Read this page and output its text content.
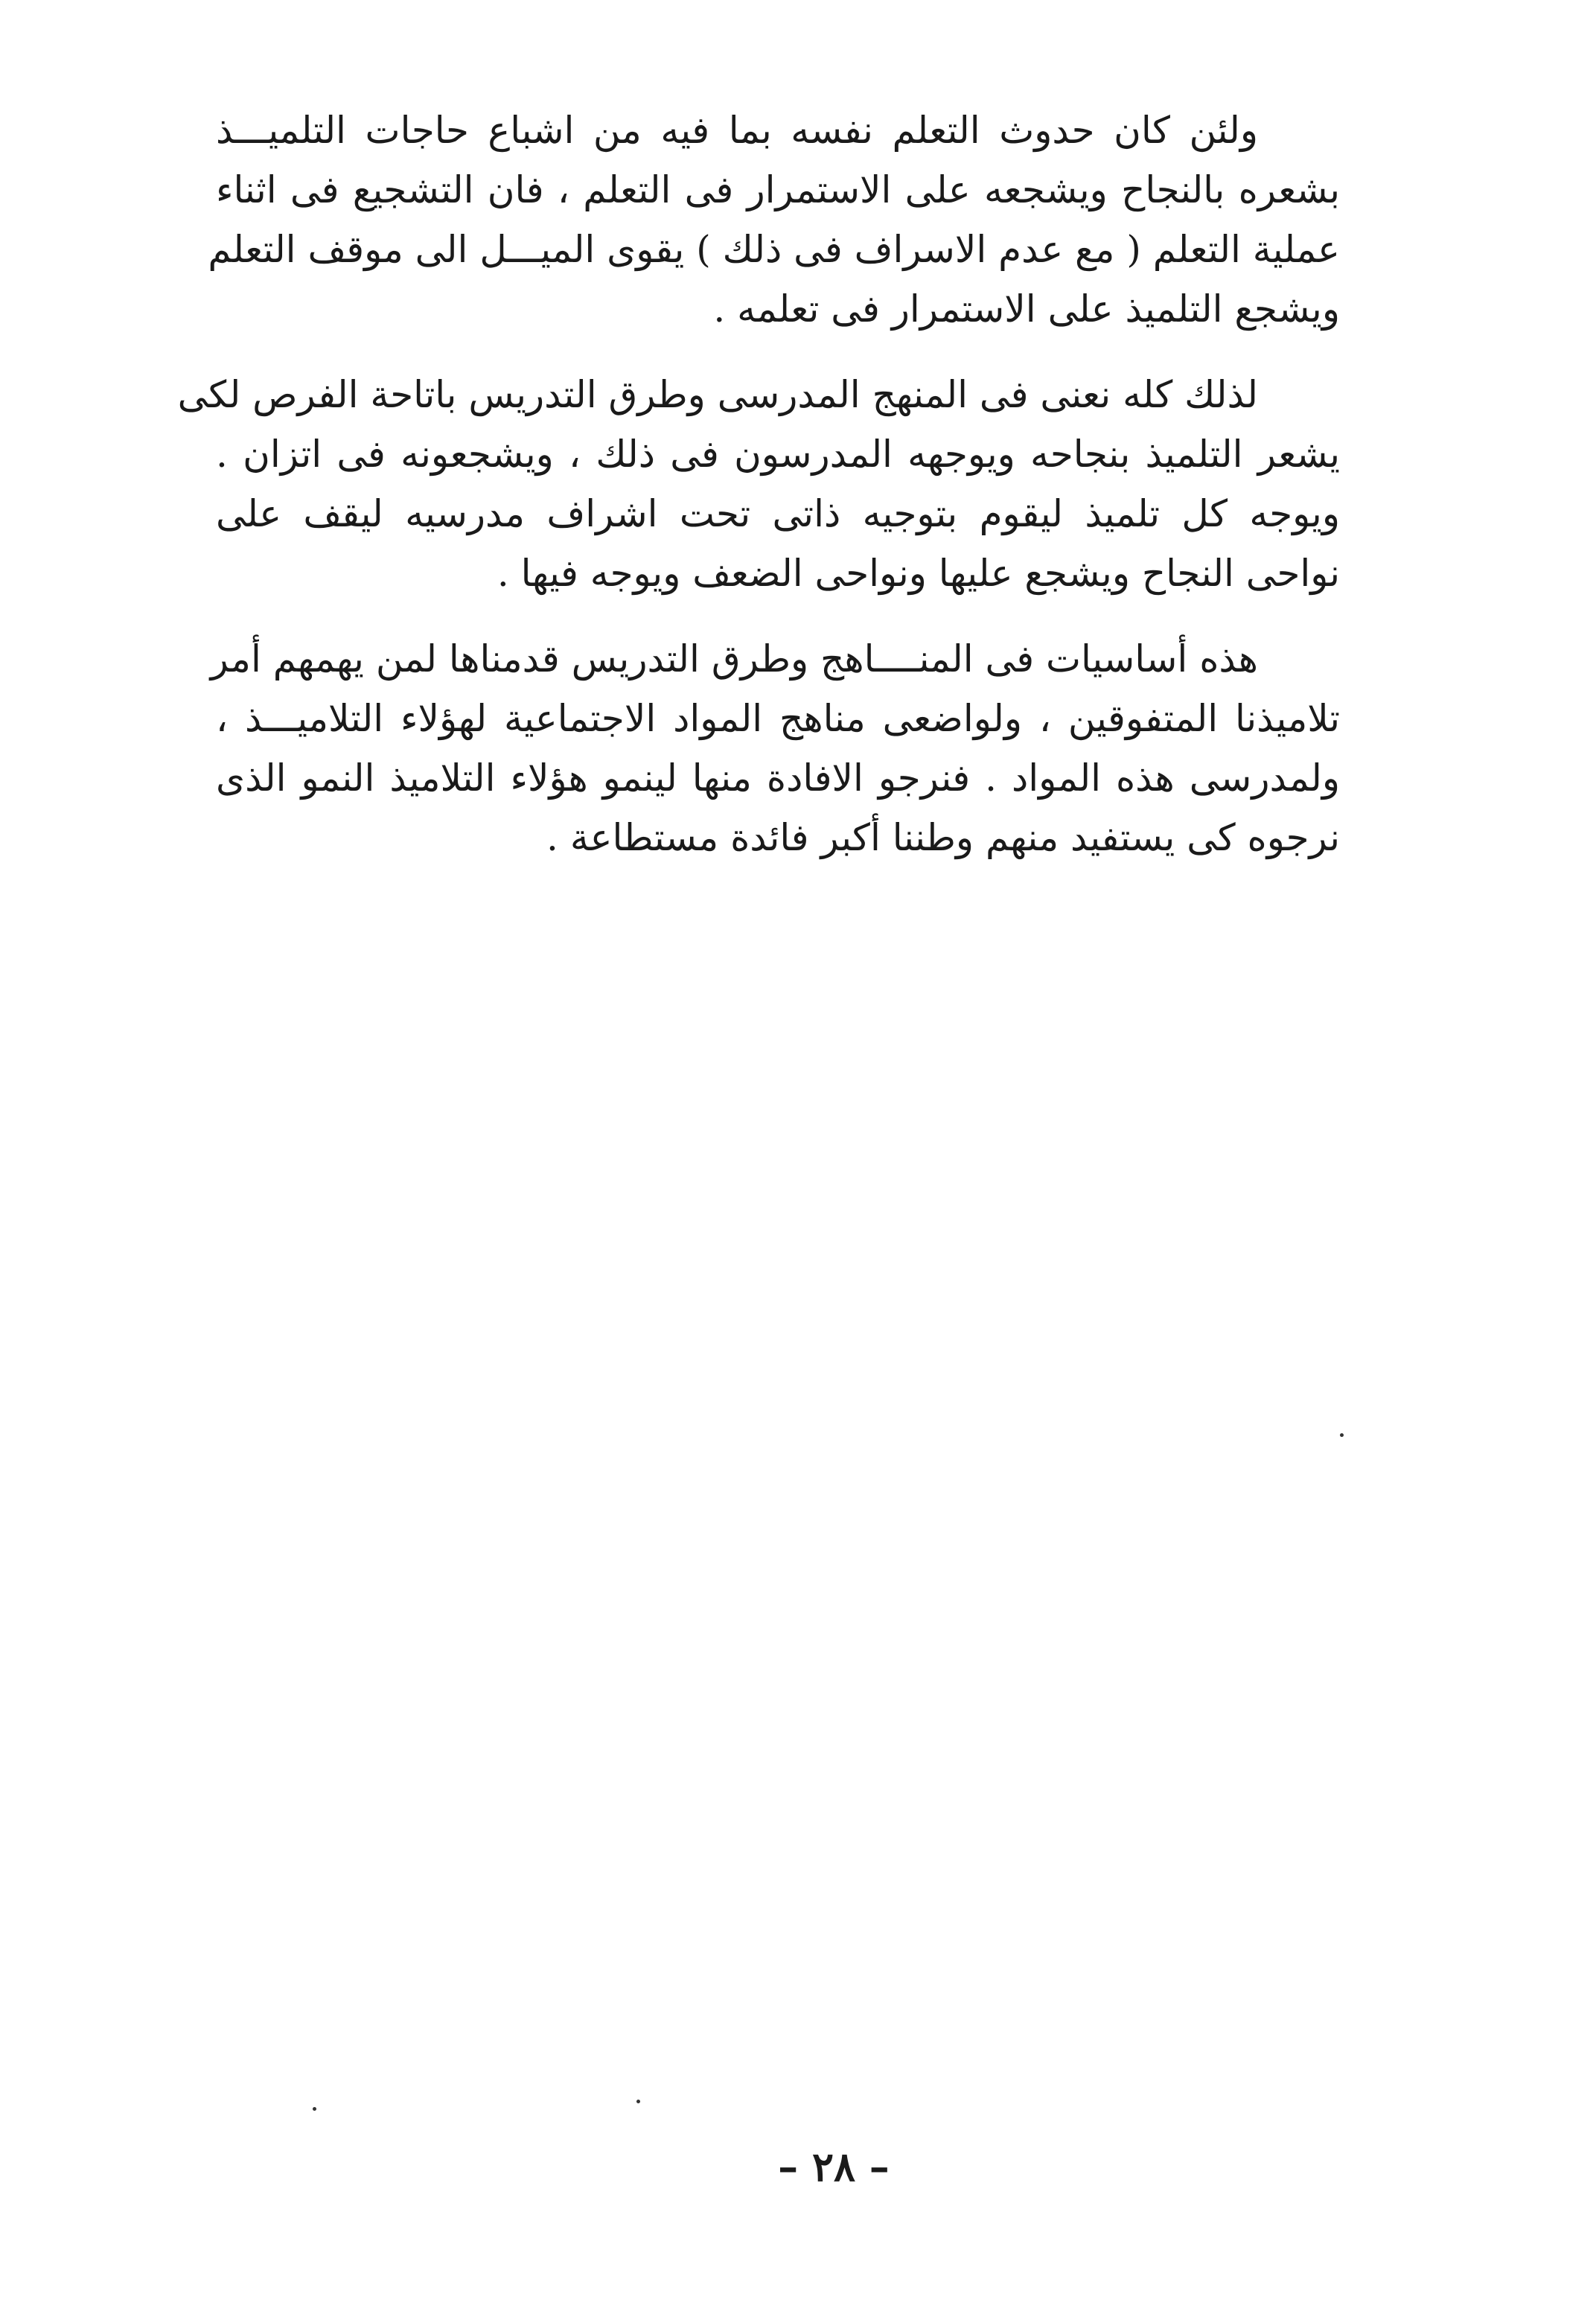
ولئن كان حدوث التعلم نفسه بما فيه من اشباع حاجات التلميـــذ
بشعره بالنجاح ويشجعه على الاستمرار فى التعلم ، فان التشجيع فى اثناء
عملية التعلم ( مع عدم الاسراف فى ذلك ) يقوى الميـــل الى موقف التعلم
ويشجع التلميذ على الاستمرار فى تعلمه .
لذلك كله نعنى فى المنهج المدرسى وطرق التدريس باتاحة الفرص لكى
يشعر التلميذ بنجاحه ويوجهه المدرسون فى ذلك ، ويشجعونه فى اتزان .
ويوجه كل تلميذ ليقوم بتوجيه ذاتى تحت اشراف مدرسيه ليقف على
نواحى النجاح ويشجع عليها ونواحى الضعف ويوجه فيها .
هذه أساسيات فى المنــــاهج وطرق التدريس قدمناها لمن يهمهم أمر
تلاميذنا المتفوقين ، ولواضعى مناهج المواد الاجتماعية لهؤلاء التلاميـــذ ،
ولمدرسى هذه المواد . فنرجو الافادة منها لينمو هؤلاء التلاميذ النمو الذى
نرجوه كى يستفيد منهم وطننا أكبر فائدة مستطاعة .
– ٢٨ –
